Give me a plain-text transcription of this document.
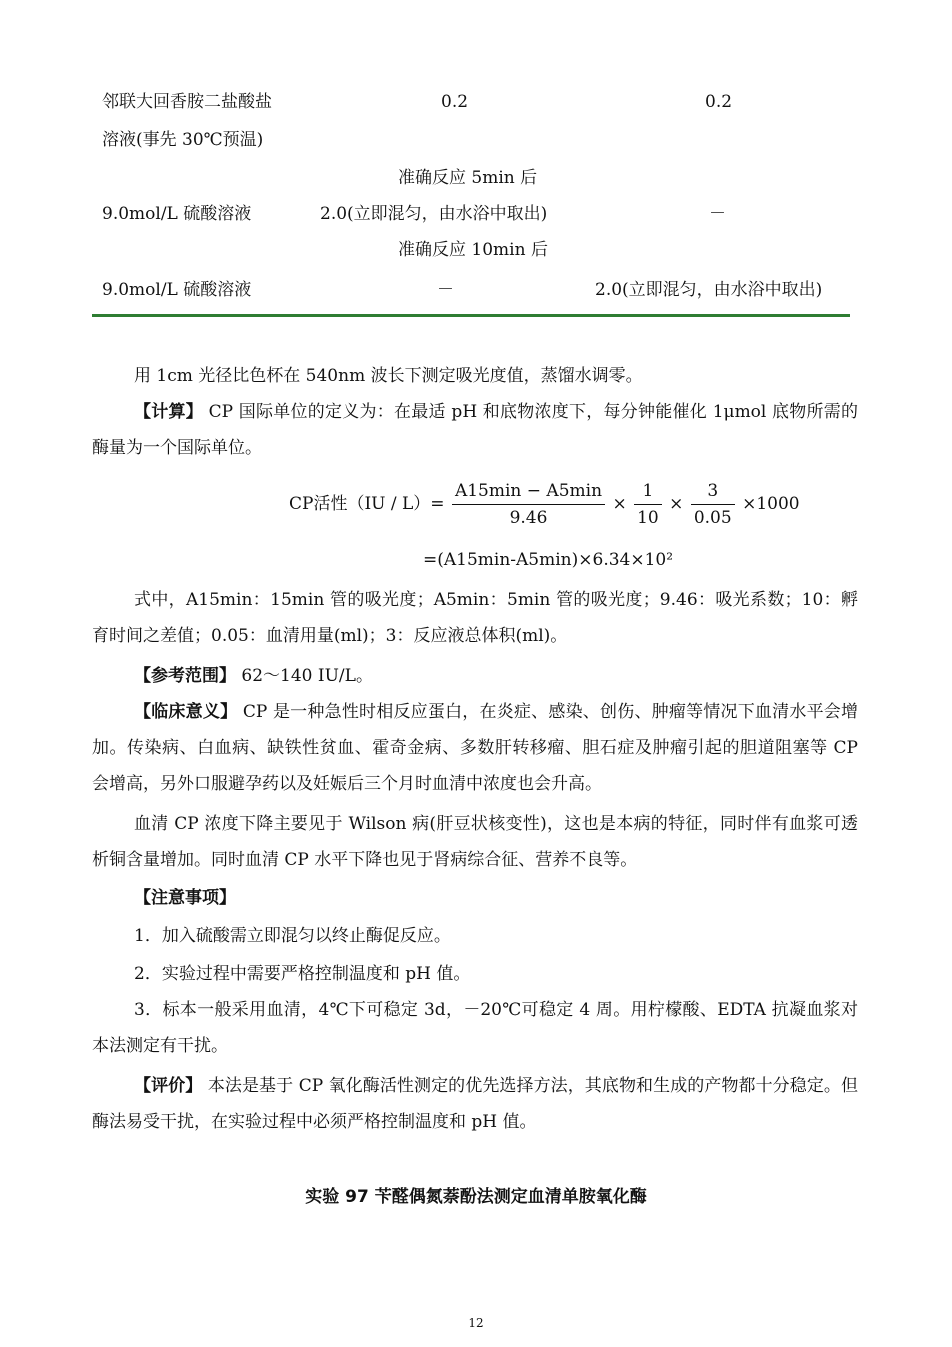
邻联大回香胺二盐酸盐	0.2	0.2
溶液(事先 30℃预温)
准确反应 5min 后
9.0mol/L 硫酸溶液	2.0(立即混匀，由水浴中取出)	－
准确反应 10min 后
9.0mol/L 硫酸溶液	－	2.0(立即混匀，由水浴中取出)
用 1cm 光径比色杯在 540nm 波长下测定吸光度值，蒸馏水调零。
【计算】 CP 国际单位的定义为：在最适 pH 和底物浓度下，每分钟能催化 1μmol 底物所需的酶量为一个国际单位。
CP活性$(IU / L)= \frac{A15\min - A5\min}{9.46} \times \frac{1}{10} \times \frac{3}{0.05} \times 1000$
=(A15min-A5min)×6.34×10²
式中，A15min：15min 管的吸光度；A5min：5min 管的吸光度；9.46：吸光系数；10：孵育时间之差值；0.05：血清用量(ml)；3：反应液总体积(ml)。
【参考范围】 62～140 IU/L。
【临床意义】 CP 是一种急性时相反应蛋白，在炎症、感染、创伤、肿瘤等情况下血清水平会增加。传染病、白血病、缺铁性贫血、霍奇金病、多数肝转移瘤、胆石症及肿瘤引起的胆道阻塞等 CP 会增高，另外口服避孕药以及妊娠后三个月时血清中浓度也会升高。
血清 CP 浓度下降主要见于 Wilson 病(肝豆状核变性)，这也是本病的特征，同时伴有血浆可透析铜含量增加。同时血清 CP 水平下降也见于肾病综合征、营养不良等。
【注意事项】
1．加入硫酸需立即混匀以终止酶促反应。
2．实验过程中需要严格控制温度和 pH 值。
3．标本一般采用血清，4℃下可稳定 3d，－20℃可稳定 4 周。用柠檬酸、EDTA 抗凝血浆对本法测定有干扰。
【评价】 本法是基于 CP 氧化酶活性测定的优先选择方法，其底物和生成的产物都十分稳定。但酶法易受干扰，在实验过程中必须严格控制温度和 pH 值。
实验 97 苄醛偶氮萘酚法测定血清单胺氧化酶
12
